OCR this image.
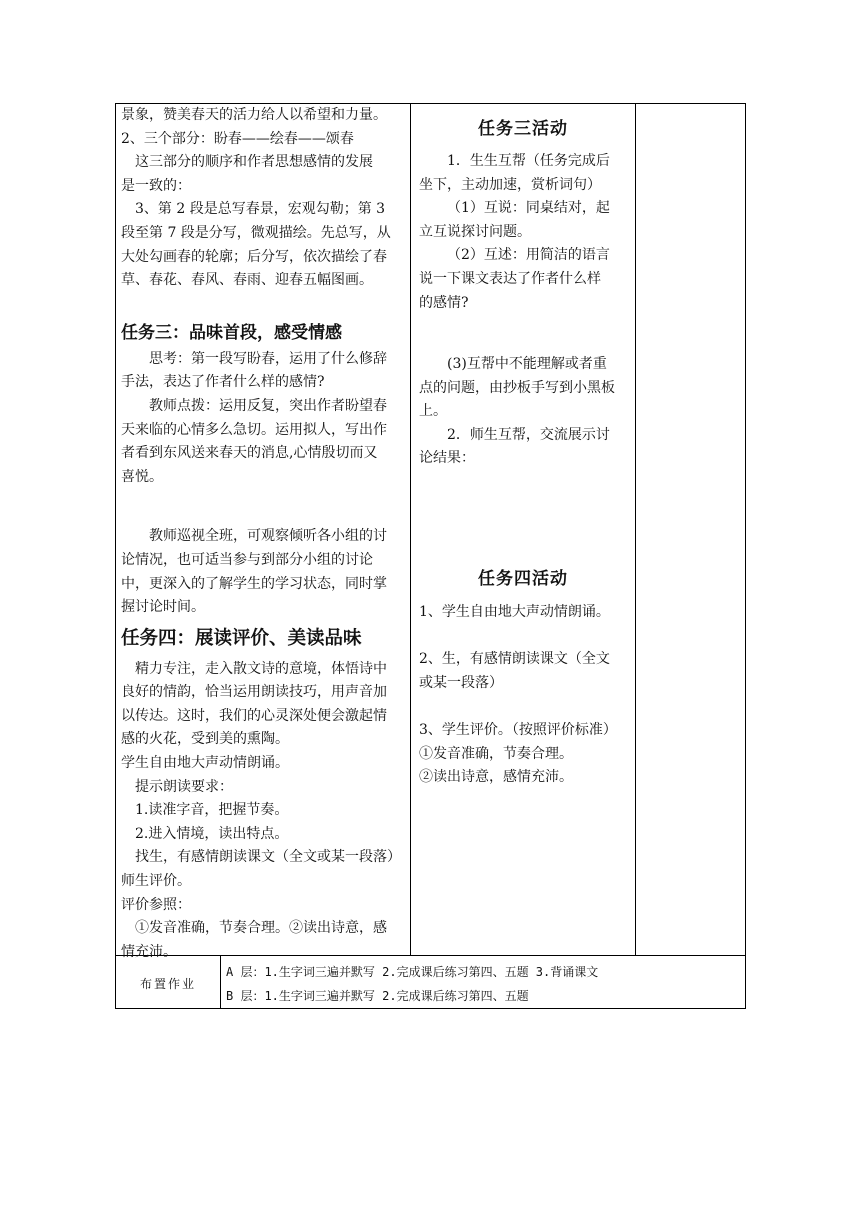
景象，赞美春天的活力给人以希望和力量。

2、三个部分：盼春——绘春——颂春

这三部分的顺序和作者思想感情的发展

是一致的：

3、第 2 段是总写春景，宏观勾勒；第 3

段至第 7 段是分写，微观描绘。先总写，从

大处勾画春的轮廓；后分写，依次描绘了春

草、春花、春风、春雨、迎春五幅图画。

任务三：品味首段，感受情感

思考：第一段写盼春，运用了什么修辞

手法，表达了作者什么样的感情?

教师点拨：运用反复，突出作者盼望春

天来临的心情多么急切。运用拟人，写出作

者看到东风送来春天的消息,心情殷切而又

喜悦。

教师巡视全班，可观察倾听各小组的讨

论情况，也可适当参与到部分小组的讨论

中，更深入的了解学生的学习状态，同时掌

握讨论时间。

任务四：展读评价、美读品味

精力专注，走入散文诗的意境，体悟诗中

良好的情韵，恰当运用朗读技巧，用声音加

以传达。这时，我们的心灵深处便会激起情

感的火花，受到美的熏陶。

学生自由地大声动情朗诵。

提示朗读要求：

1.读准字音，把握节奏。

2.进入情境，读出特点。

找生，有感情朗读课文（全文或某一段落）

师生评价。

评价参照：

①发音准确，节奏合理。②读出诗意，感

情充沛。

任务三活动

1．生生互帮（任务完成后

坐下，主动加速，赏析词句）

（1）互说：同桌结对，起

立互说探讨问题。

（2）互述：用简洁的语言

说一下课文表达了作者什么样

的感情?

(3)互帮中不能理解或者重

点的问题，由抄板手写到小黑板

上。

2．师生互帮，交流展示讨

论结果：

任务四活动

1、学生自由地大声动情朗诵。

2、生，有感情朗读课文（全文

或某一段落）

3、学生评价。（按照评价标准）

①发音准确，节奏合理。

②读出诗意，感情充沛。

布置作业
A 层：1.生字词三遍并默写 2.完成课后练习第四、五题 3.背诵课文
B 层：1.生字词三遍并默写 2.完成课后练习第四、五题
